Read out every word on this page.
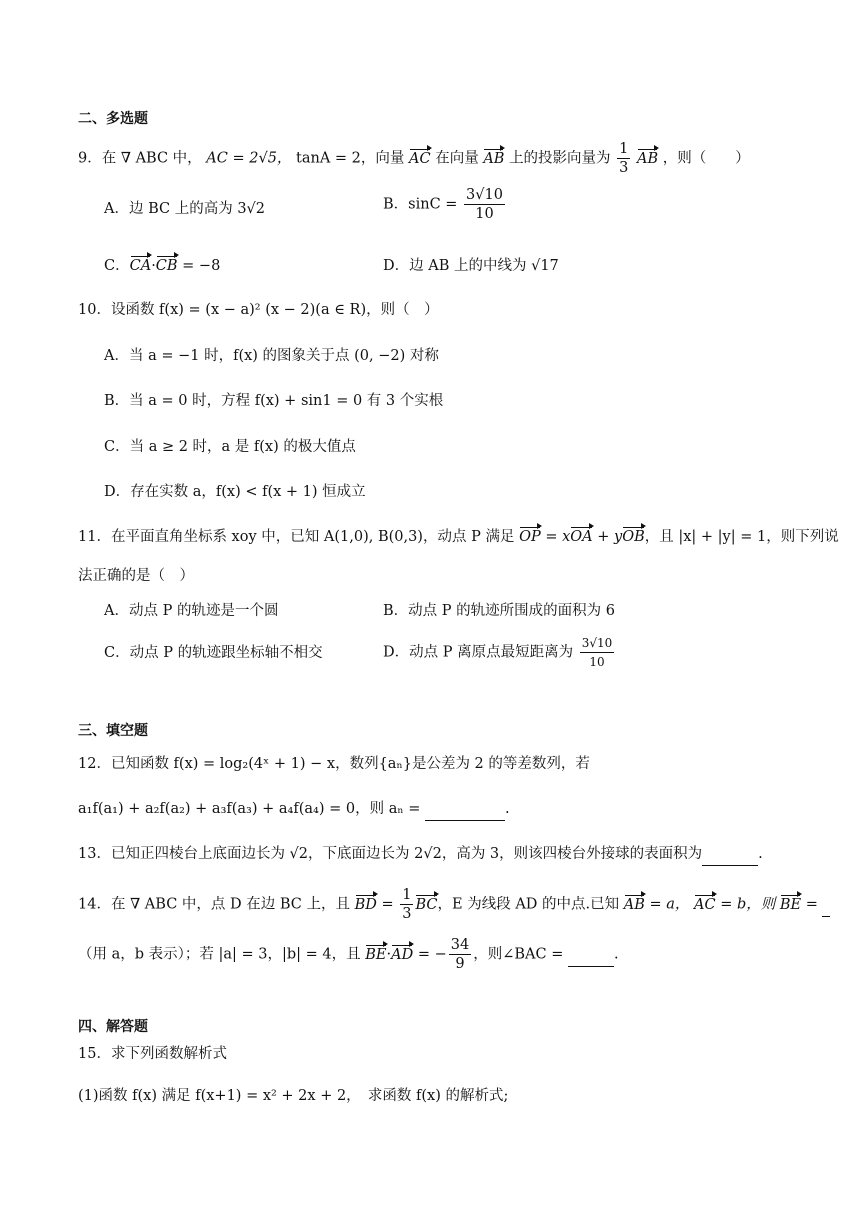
二、多选题
9．在 ∇ ABC 中， AC = 2√5， tanA = 2，向量 AC 在向量 AB 上的投影向量为 $\frac{1}{3}$ AB ，则（　　）
A．边 BC 上的高为 3√2	B．$\sin C = \frac{3√10}{10}$
C．CA·CB = −8	D．边 AB 上的中线为 √17
10．设函数 f(x) = (x − a)² (x − 2)(a ∈ R)，则（　）
A．当 a = −1 时，f(x) 的图象关于点 (0, −2) 对称
B．当 a = 0 时，方程 f(x) + sin1 = 0 有 3 个实根
C．当 a ≥ 2 时，a 是 f(x) 的极大值点
D．存在实数 a，f(x) < f(x + 1) 恒成立
11．在平面直角坐标系 xoy 中，已知 A(1,0), B(0,3)，动点 P 满足 OP = xOA + yOB，且 |x| + |y| = 1，则下列说
法正确的是（　）
A．动点 P 的轨迹是一个圆	B．动点 P 的轨迹所围成的面积为 6
C．动点 P 的轨迹跟坐标轴不相交	D．动点 P 离原点最短距离为 $\frac{3√10}{10}$
三、填空题
12．已知函数 f(x) = log₂(4ˣ + 1) − x，数列{aₙ}是公差为 2 的等差数列，若
a₁f(a₁) + a₂f(a₂) + a₃f(a₃) + a₄f(a₄) = 0，则 aₙ =	.
13．已知正四棱台上底面边长为 √2，下底面边长为 2√2，高为 3，则该四棱台外接球的表面积为	.
14．在 ∇ ABC 中，点 D 在边 BC 上，且 BD = $\frac{1}{3}$ BC，E 为线段 AD 的中点.已知 AB = a， AC = b，则 BE =
（用 a，b 表示）；若 |a| = 3，|b| = 4，且 BE·AD = − $\frac{34}{9}$ ，则∠BAC =	.
四、解答题
15．求下列函数解析式
(1)函数 f(x) 满足 f(x+1) = x² + 2x + 2，　求函数 f(x) 的解析式;
